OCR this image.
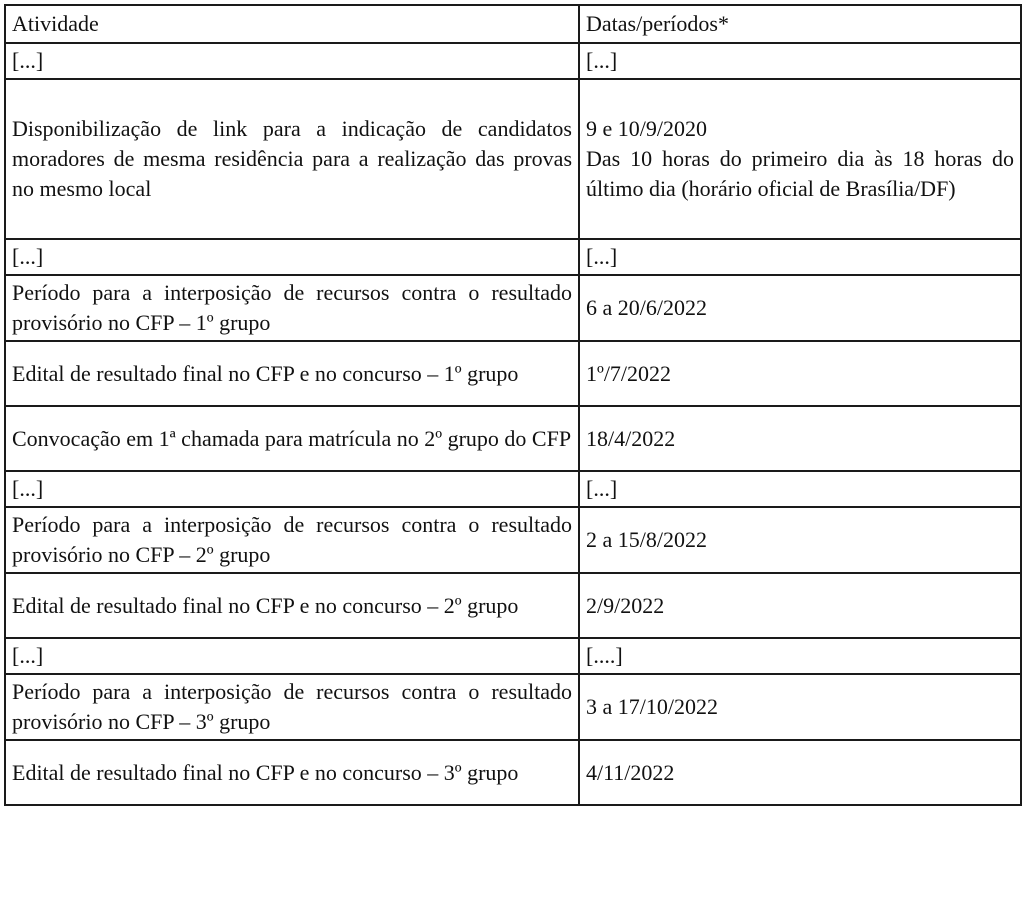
Atividade	Datas/períodos*
[...]	[...]
Disponibilização de link para a indicação de candidatos moradores de mesma residência para a realização das provas no mesmo local	9 e 10/9/2020
Das 10 horas do primeiro dia às 18 horas do último dia (horário oficial de Brasília/DF)

[...]	[...]
Período para a interposição de recursos contra o resultado provisório no CFP – 1º grupo	6 a 20/6/2022
Edital de resultado final no CFP e no concurso – 1º grupo	1º/7/2022
Convocação em 1ª chamada para matrícula no 2º grupo do CFP	18/4/2022
[...]	[...]
Período para a interposição de recursos contra o resultado provisório no CFP – 2º grupo	2 a 15/8/2022
Edital de resultado final no CFP e no concurso – 2º grupo	2/9/2022
[...]	[....]
Período para a interposição de recursos contra o resultado provisório no CFP – 3º grupo	3 a 17/10/2022
Edital de resultado final no CFP e no concurso – 3º grupo	4/11/2022
